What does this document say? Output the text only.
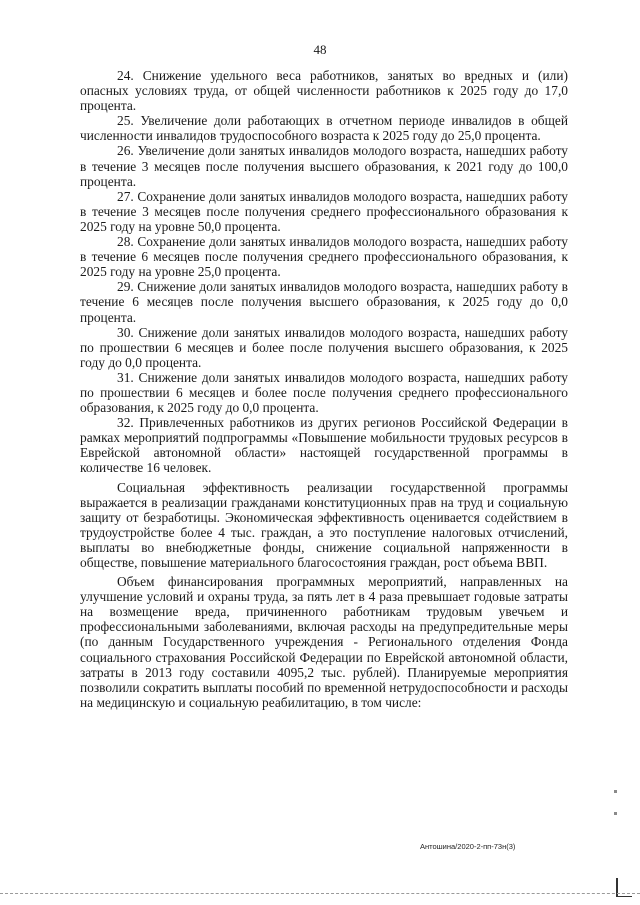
48

24. Снижение удельного веса работников, занятых во вредных и (или) опасных условиях труда, от общей численности работников к 2025 году до 17,0 процента.

25. Увеличение доли работающих в отчетном периоде инвалидов в общей численности инвалидов трудоспособного возраста к 2025 году до 25,0 процента.

26. Увеличение доли занятых инвалидов молодого возраста, нашедших работу в течение 3 месяцев после получения высшего образования, к 2021 году до 100,0 процента.

27. Сохранение доли занятых инвалидов молодого возраста, нашедших работу в течение 3 месяцев после получения среднего профессионального образования к 2025 году на уровне 50,0 процента.

28. Сохранение доли занятых инвалидов молодого возраста, нашедших работу в течение 6 месяцев после получения среднего профессионального образования, к 2025 году на уровне 25,0 процента.

29. Снижение доли занятых инвалидов молодого возраста, нашедших работу в течение 6 месяцев после получения высшего образования, к 2025 году до 0,0 процента.

30. Снижение доли занятых инвалидов молодого возраста, нашедших работу по прошествии 6 месяцев и более после получения высшего образования, к 2025 году до 0,0 процента.

31. Снижение доли занятых инвалидов молодого возраста, нашедших работу по прошествии 6 месяцев и более после получения среднего профессионального образования, к 2025 году до 0,0 процента.

32. Привлеченных работников из других регионов Российской Федерации в рамках мероприятий подпрограммы «Повышение мобильности трудовых ресурсов в Еврейской автономной области» настоящей государственной программы в количестве 16 человек.

Социальная эффективность реализации государственной программы выражается в реализации гражданами конституционных прав на труд и социальную защиту от безработицы. Экономическая эффективность оценивается содействием в трудоустройстве более 4 тыс. граждан, а это поступление налоговых отчислений, выплаты во внебюджетные фонды, снижение социальной напряженности в обществе, повышение материального благосостояния граждан, рост объема ВВП.

Объем финансирования программных мероприятий, направленных на улучшение условий и охраны труда, за пять лет в 4 раза превышает годовые затраты на возмещение вреда, причиненного работникам трудовым увечьем и профессиональными заболеваниями, включая расходы на предупредительные меры (по данным Государственного учреждения - Регионального отделения Фонда социального страхования Российской Федерации по Еврейской автономной области, затраты в 2013 году составили 4095,2 тыс. рублей). Планируемые мероприятия позволили сократить выплаты пособий по временной нетрудоспособности и расходы на медицинскую и социальную реабилитацию, в том числе:

Антошина/2020-2-пп-73н(3)
